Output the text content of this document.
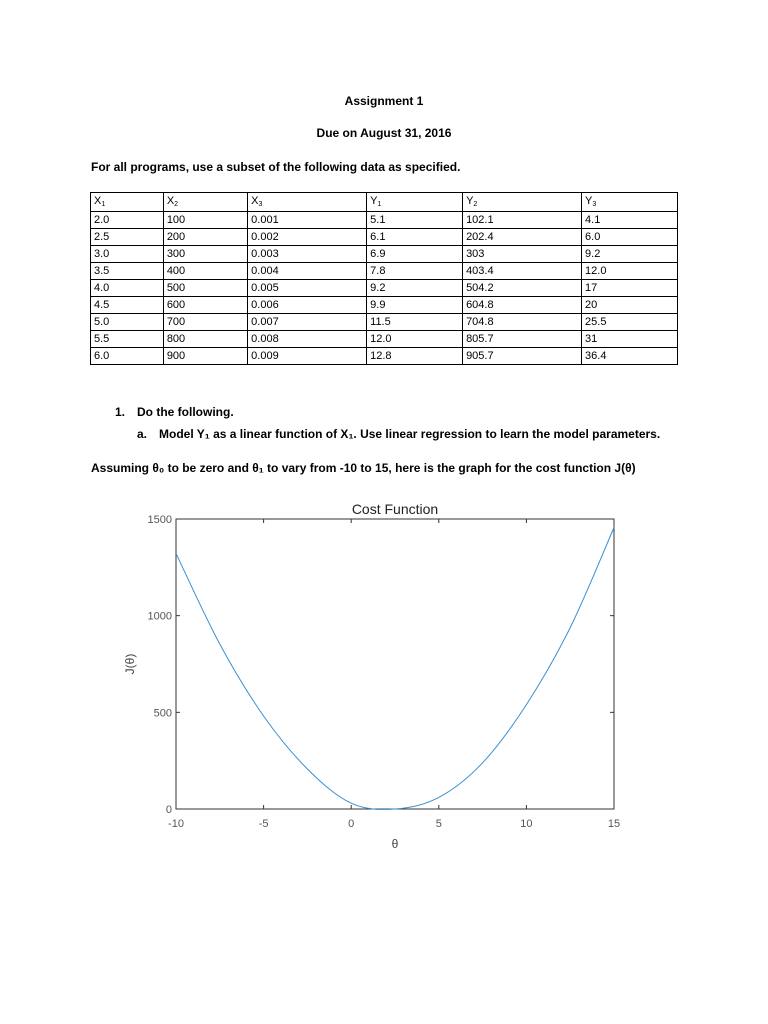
Assignment 1
Due on August 31, 2016
For all programs, use a subset of the following data as specified.
$X_1$	$X_2$	$X_3$	$Y_1$	$Y_2$	$Y_3$
2.0	100	0.001	5.1	102.1	4.1
2.5	200	0.002	6.1	202.4	6.0
3.0	300	0.003	6.9	303	9.2
3.5	400	0.004	7.8	403.4	12.0
4.0	500	0.005	9.2	504.2	17
4.5	600	0.006	9.9	604.8	20
5.0	700	0.007	11.5	704.8	25.5
5.5	800	0.008	12.0	805.7	31
6.0	900	0.009	12.8	905.7	36.4
1. Do the following.
a. Model Y₁ as a linear function of X₁. Use linear regression to learn the model parameters.
Assuming θ₀ to be zero and θ₁ to vary from -10 to 15, here is the graph for the cost function J(θ)
-10	-5	0	5	10	15
0
500
1000
1500
Cost Function
θ
J(θ)
